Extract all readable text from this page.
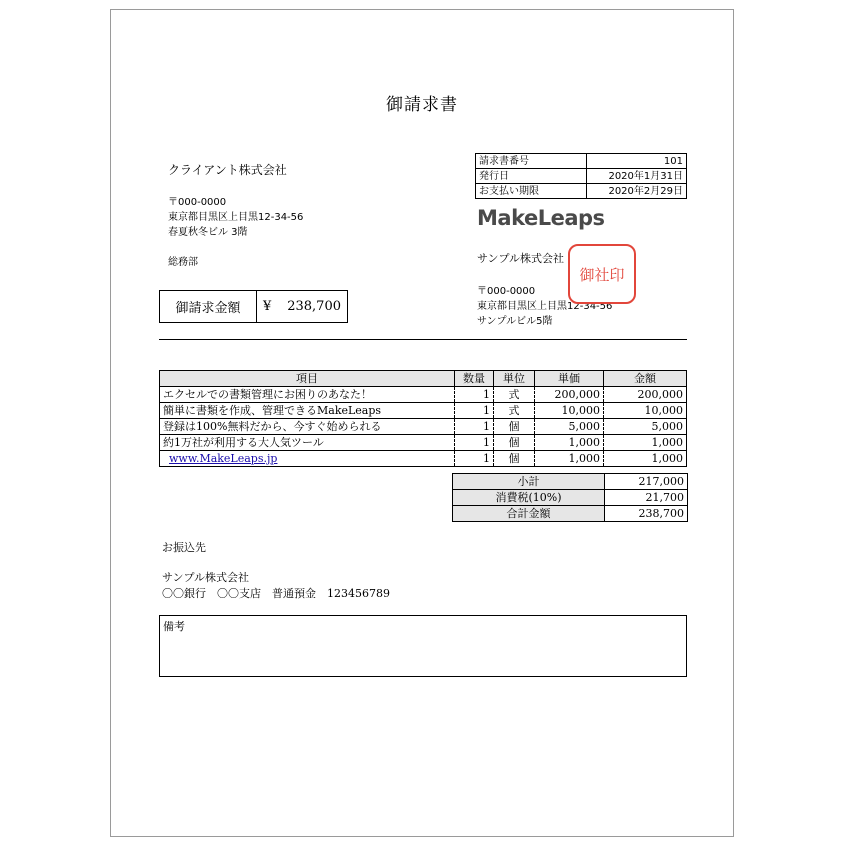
御請求書
クライアント株式会社
〒000-0000
東京都目黒区上目黒12-34-56
春夏秋冬ビル 3階
総務部
御請求金額	¥ 238,700
請求書番号	101
発行日	2020年1月31日
お支払い期限	2020年2月29日
MakeLeaps
サンプル株式会社
〒000-0000
東京都目黒区上目黒12-34-56
サンプルビル5階
御社印
項目	数量	単位	単価	金額
エクセルでの書類管理にお困りのあなた！	1	式	200,000	200,000
簡単に書類を作成、管理できるMakeLeaps	1	式	10,000	10,000
登録は100%無料だから、今すぐ始められる	1	個	5,000	5,000
約1万社が利用する大人気ツール	1	個	1,000	1,000
www.MakeLeaps.jp	1	個	1,000	1,000
小計	217,000
消費税(10%)	21,700
合計金額	238,700
お振込先
サンプル株式会社
〇〇銀行　〇〇支店　普通預金　123456789
備考
